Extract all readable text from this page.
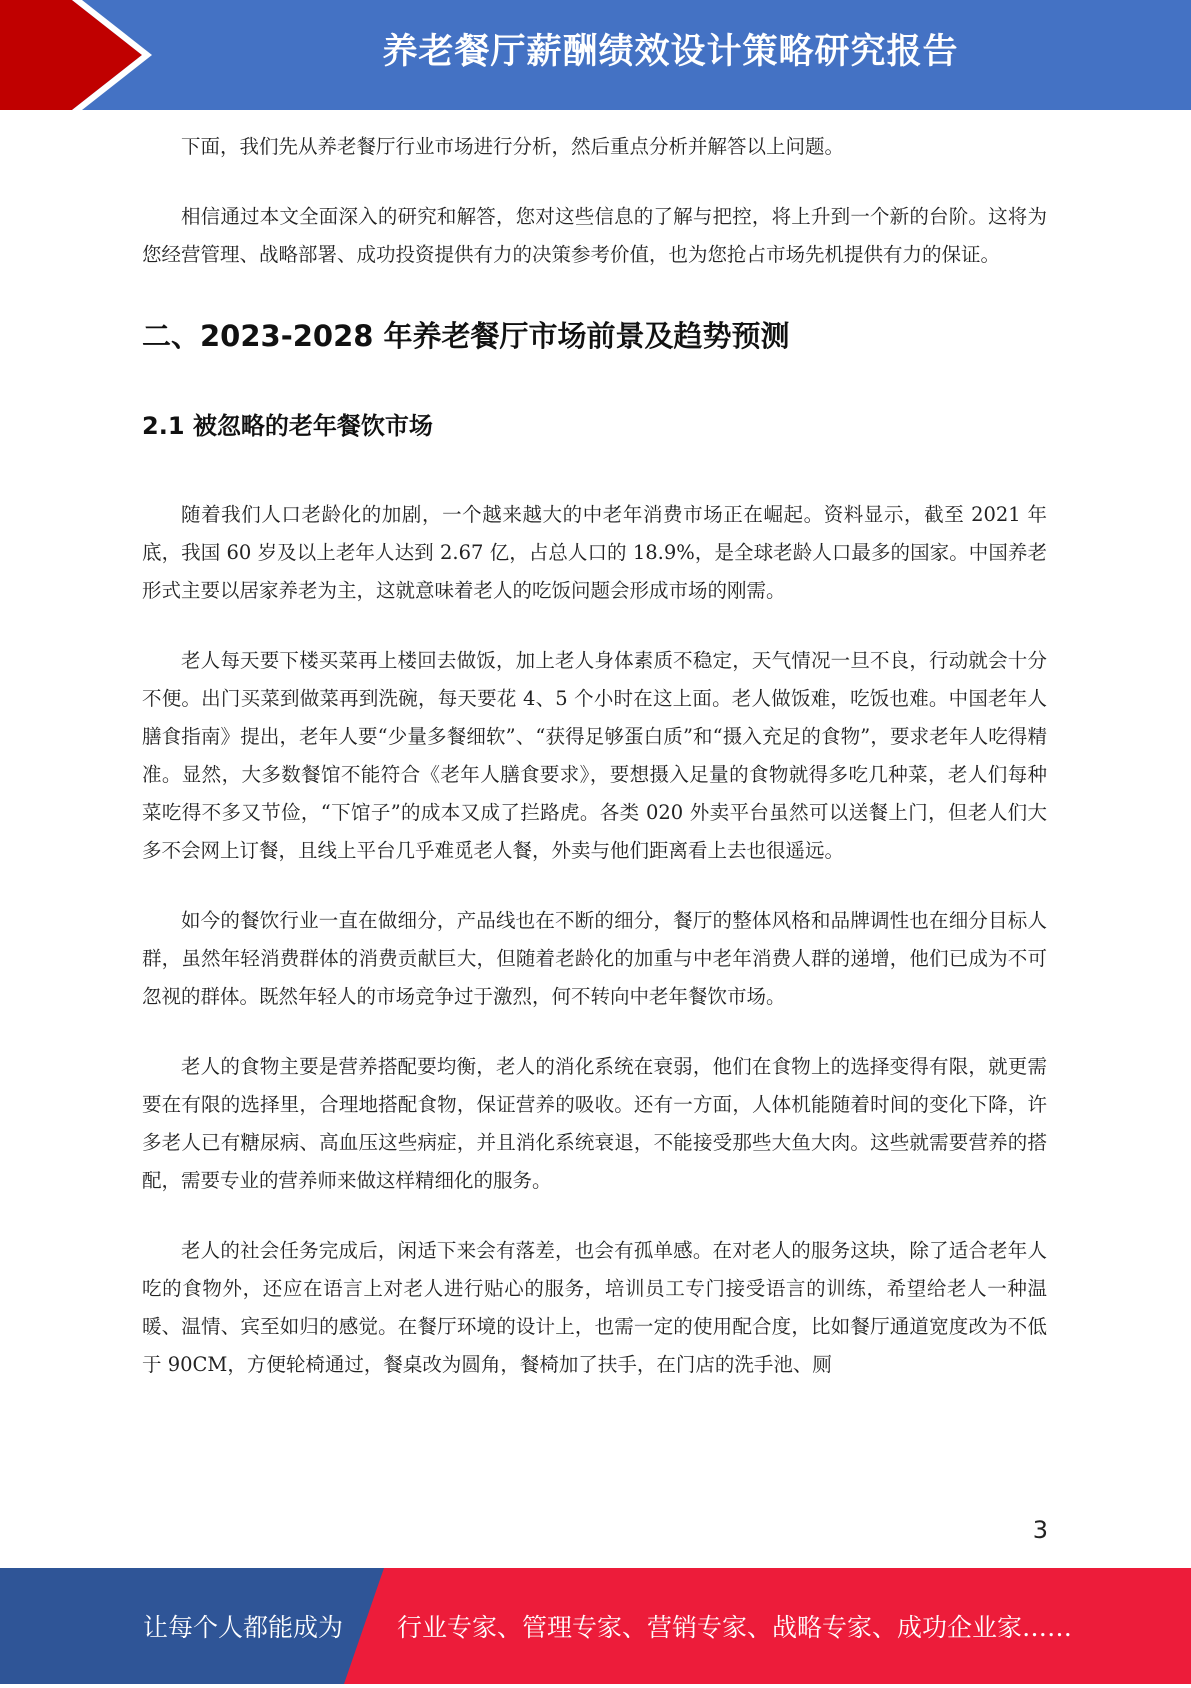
养老餐厅薪酬绩效设计策略研究报告

下面，我们先从养老餐厅行业市场进行分析，然后重点分析并解答以上问题。

相信通过本文全面深入的研究和解答，您对这些信息的了解与把控，将上升到一个新的台阶。这将为您经营管理、战略部署、成功投资提供有力的决策参考价值，也为您抢占市场先机提供有力的保证。

二、2023-2028 年养老餐厅市场前景及趋势预测
2.1 被忽略的老年餐饮市场

随着我们人口老龄化的加剧，一个越来越大的中老年消费市场正在崛起。资料显示，截至 2021 年底，我国 60 岁及以上老年人达到 2.67 亿，占总人口的 18.9%，是全球老龄人口最多的国家。中国养老形式主要以居家养老为主，这就意味着老人的吃饭问题会形成市场的刚需。

老人每天要下楼买菜再上楼回去做饭，加上老人身体素质不稳定，天气情况一旦不良，行动就会十分不便。出门买菜到做菜再到洗碗，每天要花 4、5 个小时在这上面。老人做饭难，吃饭也难。中国老年人膳食指南》提出，老年人要“少量多餐细软”、“获得足够蛋白质”和“摄入充足的食物”，要求老年人吃得精准。显然，大多数餐馆不能符合《老年人膳食要求》，要想摄入足量的食物就得多吃几种菜，老人们每种菜吃得不多又节俭，“下馆子”的成本又成了拦路虎。各类 020 外卖平台虽然可以送餐上门，但老人们大多不会网上订餐，且线上平台几乎难觅老人餐，外卖与他们距离看上去也很遥远。

如今的餐饮行业一直在做细分，产品线也在不断的细分，餐厅的整体风格和品牌调性也在细分目标人群，虽然年轻消费群体的消费贡献巨大，但随着老龄化的加重与中老年消费人群的递增，他们已成为不可忽视的群体。既然年轻人的市场竞争过于激烈，何不转向中老年餐饮市场。

老人的食物主要是营养搭配要均衡，老人的消化系统在衰弱，他们在食物上的选择变得有限，就更需要在有限的选择里，合理地搭配食物，保证营养的吸收。还有一方面，人体机能随着时间的变化下降，许多老人已有糖尿病、高血压这些病症，并且消化系统衰退，不能接受那些大鱼大肉。这些就需要营养的搭配，需要专业的营养师来做这样精细化的服务。

老人的社会任务完成后，闲适下来会有落差，也会有孤单感。在对老人的服务这块，除了适合老年人吃的食物外，还应在语言上对老人进行贴心的服务，培训员工专门接受语言的训练，希望给老人一种温暖、温情、宾至如归的感觉。在餐厅环境的设计上，也需一定的使用配合度，比如餐厅通道宽度改为不低于 90CM，方便轮椅通过，餐桌改为圆角，餐椅加了扶手，在门店的洗手池、厕

3
让每个人都能成为 行业专家、管理专家、营销专家、战略专家、成功企业家……
